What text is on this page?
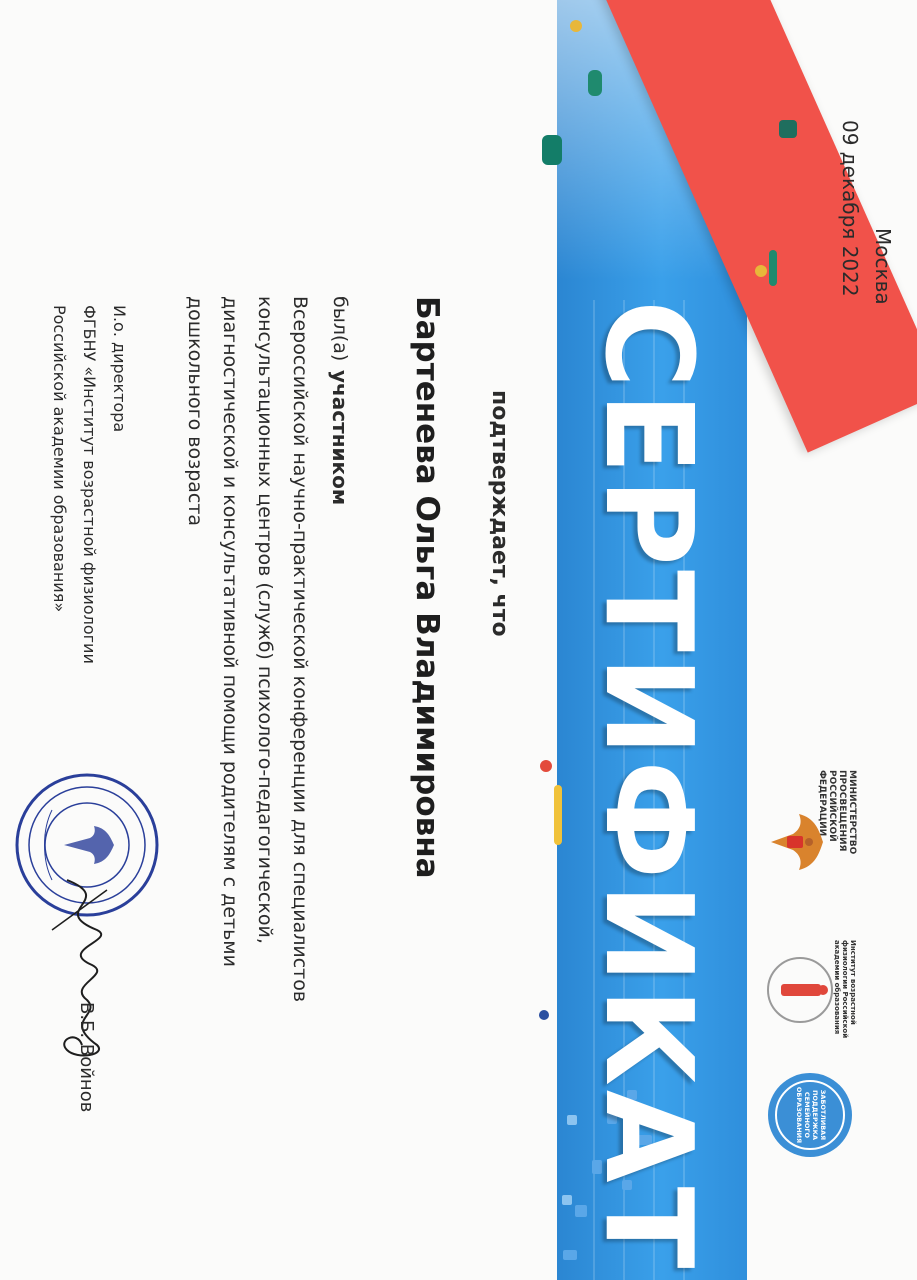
СЕРТИФИКАТ	МИНИСТЕРСТВО ПРОСВЕЩЕНИЯ РОССИЙСКОЙ ФЕДЕРАЦИИ
Институт возрастной физиологии Российской академии образования
ЗАБОТЛИВАЯ ПОДДЕРЖКА СЕМЕЙНОГО ОБРАЗОВАНИЯ
Москва
09 декабря 2022
подтверждает, что
Бартенева Ольга Владимировна
был(а)
участником
Всероссийской научно-практической конференции для специалистов
консультационных центров (служб) психолого-педагогической,
диагностической и консультативной помощи родителям с детьми
дошкольного возраста
И.о. директора
ФГБНУ «Институт возрастной физиологии
Российской академии образования»
В.Б. Войнов
